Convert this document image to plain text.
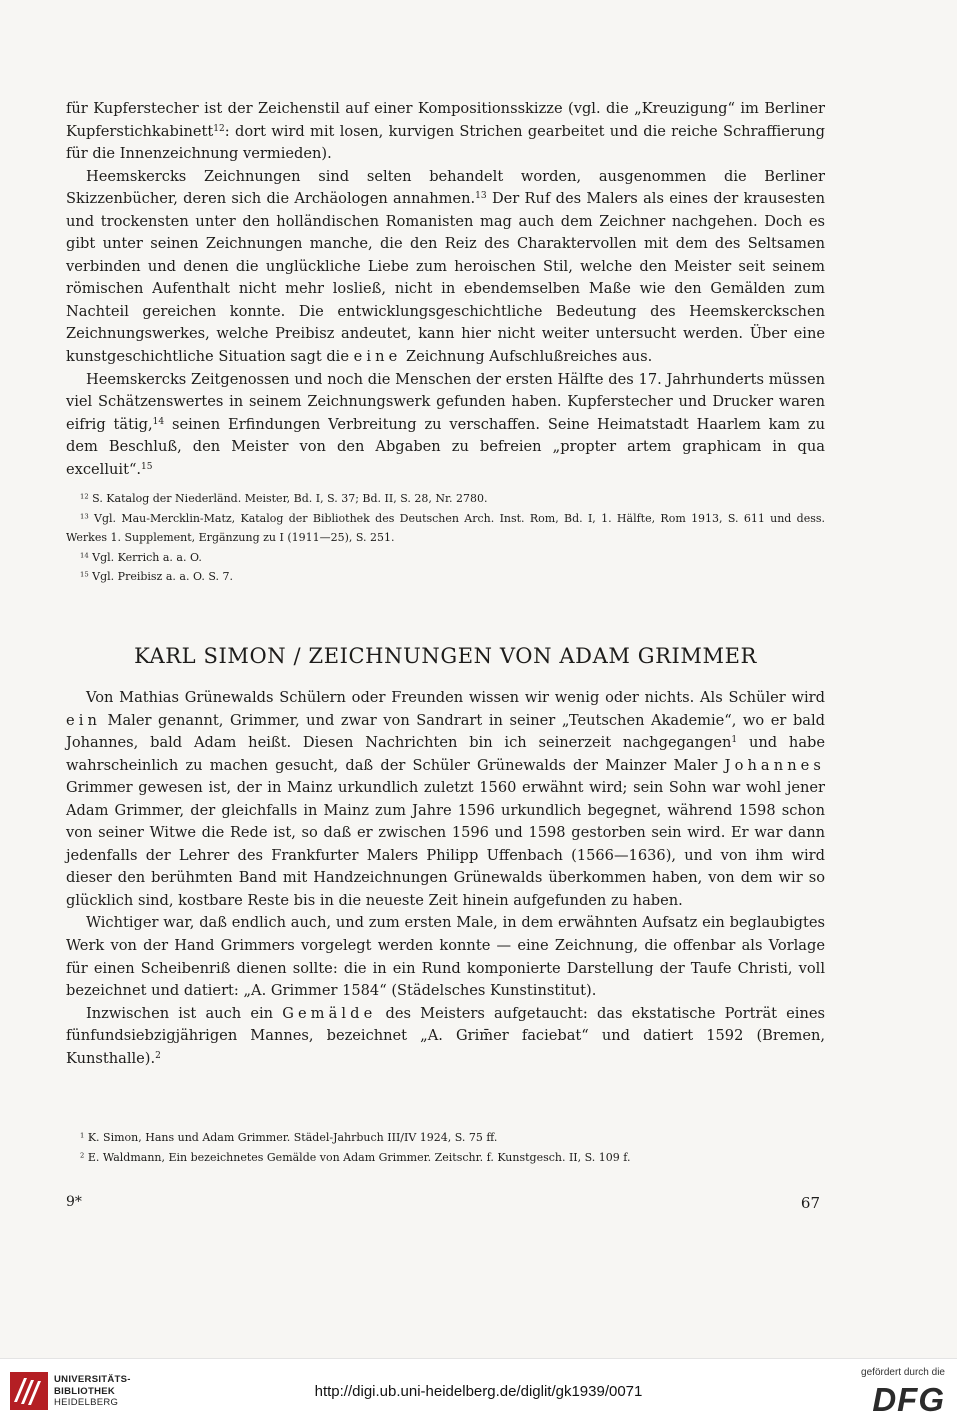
für Kupferstecher ist der Zeichenstil auf einer Kompositionsskizze (vgl. die „Kreuzigung“ im Berliner Kupferstichkabinett$^{12}$: dort wird mit losen, kurvigen Strichen gearbeitet und die reiche Schraffierung für die Innenzeichnung vermieden).

Heemskercks Zeichnungen sind selten behandelt worden, ausgenommen die Berliner Skizzenbücher, deren sich die Archäologen annahmen.$^{13}$ Der Ruf des Malers als eines der krausesten und trockensten unter den holländischen Romanisten mag auch dem Zeichner nachgehen. Doch es gibt unter seinen Zeichnungen manche, die den Reiz des Charaktervollen mit dem des Seltsamen verbinden und denen die unglückliche Liebe zum heroischen Stil, welche den Meister seit seinem römischen Aufenthalt nicht mehr losließ, nicht in ebendemselben Maße wie den Gemälden zum Nachteil gereichen konnte. Die entwicklungsgeschichtliche Bedeutung des Heemskerckschen Zeichnungswerkes, welche Preibisz andeutet, kann hier nicht weiter untersucht werden. Über eine kunstgeschichtliche Situation sagt die eine Zeichnung Aufschlußreiches aus.

Heemskercks Zeitgenossen und noch die Menschen der ersten Hälfte des 17. Jahrhunderts müssen viel Schätzenswertes in seinem Zeichnungswerk gefunden haben. Kupferstecher und Drucker waren eifrig tätig,$^{14}$ seinen Erfindungen Verbreitung zu verschaffen. Seine Heimatstadt Haarlem kam zu dem Beschluß, den Meister von den Abgaben zu befreien „propter artem graphicam in qua excelluit“.$^{15}$

$^{12}$ S. Katalog der Niederländ. Meister, Bd. I, S. 37; Bd. II, S. 28, Nr. 2780.

$^{13}$ Vgl. Mau-Mercklin-Matz, Katalog der Bibliothek des Deutschen Arch. Inst. Rom, Bd. I, 1. Hälfte, Rom 1913, S. 611 und dess. Werkes 1. Supplement, Ergänzung zu I (1911—25), S. 251.

$^{14}$ Vgl. Kerrich a. a. O.

$^{15}$ Vgl. Preibisz a. a. O. S. 7.

KARL SIMON / ZEICHNUNGEN VON ADAM GRIMMER

Von Mathias Grünewalds Schülern oder Freunden wissen wir wenig oder nichts. Als Schüler wird ein Maler genannt, Grimmer, und zwar von Sandrart in seiner „Teutschen Akademie“, wo er bald Johannes, bald Adam heißt. Diesen Nachrichten bin ich seinerzeit nachgegangen$^1$ und habe wahrscheinlich zu machen gesucht, daß der Schüler Grünewalds der Mainzer Maler Johannes Grimmer gewesen ist, der in Mainz urkundlich zuletzt 1560 erwähnt wird; sein Sohn war wohl jener Adam Grimmer, der gleichfalls in Mainz zum Jahre 1596 urkundlich begegnet, während 1598 schon von seiner Witwe die Rede ist, so daß er zwischen 1596 und 1598 gestorben sein wird. Er war dann jedenfalls der Lehrer des Frankfurter Malers Philipp Uffenbach (1566—1636), und von ihm wird dieser den berühmten Band mit Handzeichnungen Grünewalds überkommen haben, von dem wir so glücklich sind, kostbare Reste bis in die neueste Zeit hinein aufgefunden zu haben.

Wichtiger war, daß endlich auch, und zum ersten Male, in dem erwähnten Aufsatz ein beglaubigtes Werk von der Hand Grimmers vorgelegt werden konnte — eine Zeichnung, die offenbar als Vorlage für einen Scheibenriß dienen sollte: die in ein Rund komponierte Darstellung der Taufe Christi, voll bezeichnet und datiert: „A. Grimmer 1584“ (Städelsches Kunstinstitut).

Inzwischen ist auch ein Gemälde des Meisters aufgetaucht: das ekstatische Porträt eines fünfundsiebzigjährigen Mannes, bezeichnet „A. Grim̄er faciebat“ und datiert 1592 (Bremen, Kunsthalle).$^2$

$^1$ K. Simon, Hans und Adam Grimmer. Städel-Jahrbuch III/IV 1924, S. 75 ff.

$^2$ E. Waldmann, Ein bezeichnetes Gemälde von Adam Grimmer. Zeitschr. f. Kunstgesch. II, S. 109 f.

9*	67
UNIVERSITÄTS-
BIBLIOTHEK
HEIDELBERG
http://digi.ub.uni-heidelberg.de/diglit/gk1939/0071
gefördert durch die
DFG
